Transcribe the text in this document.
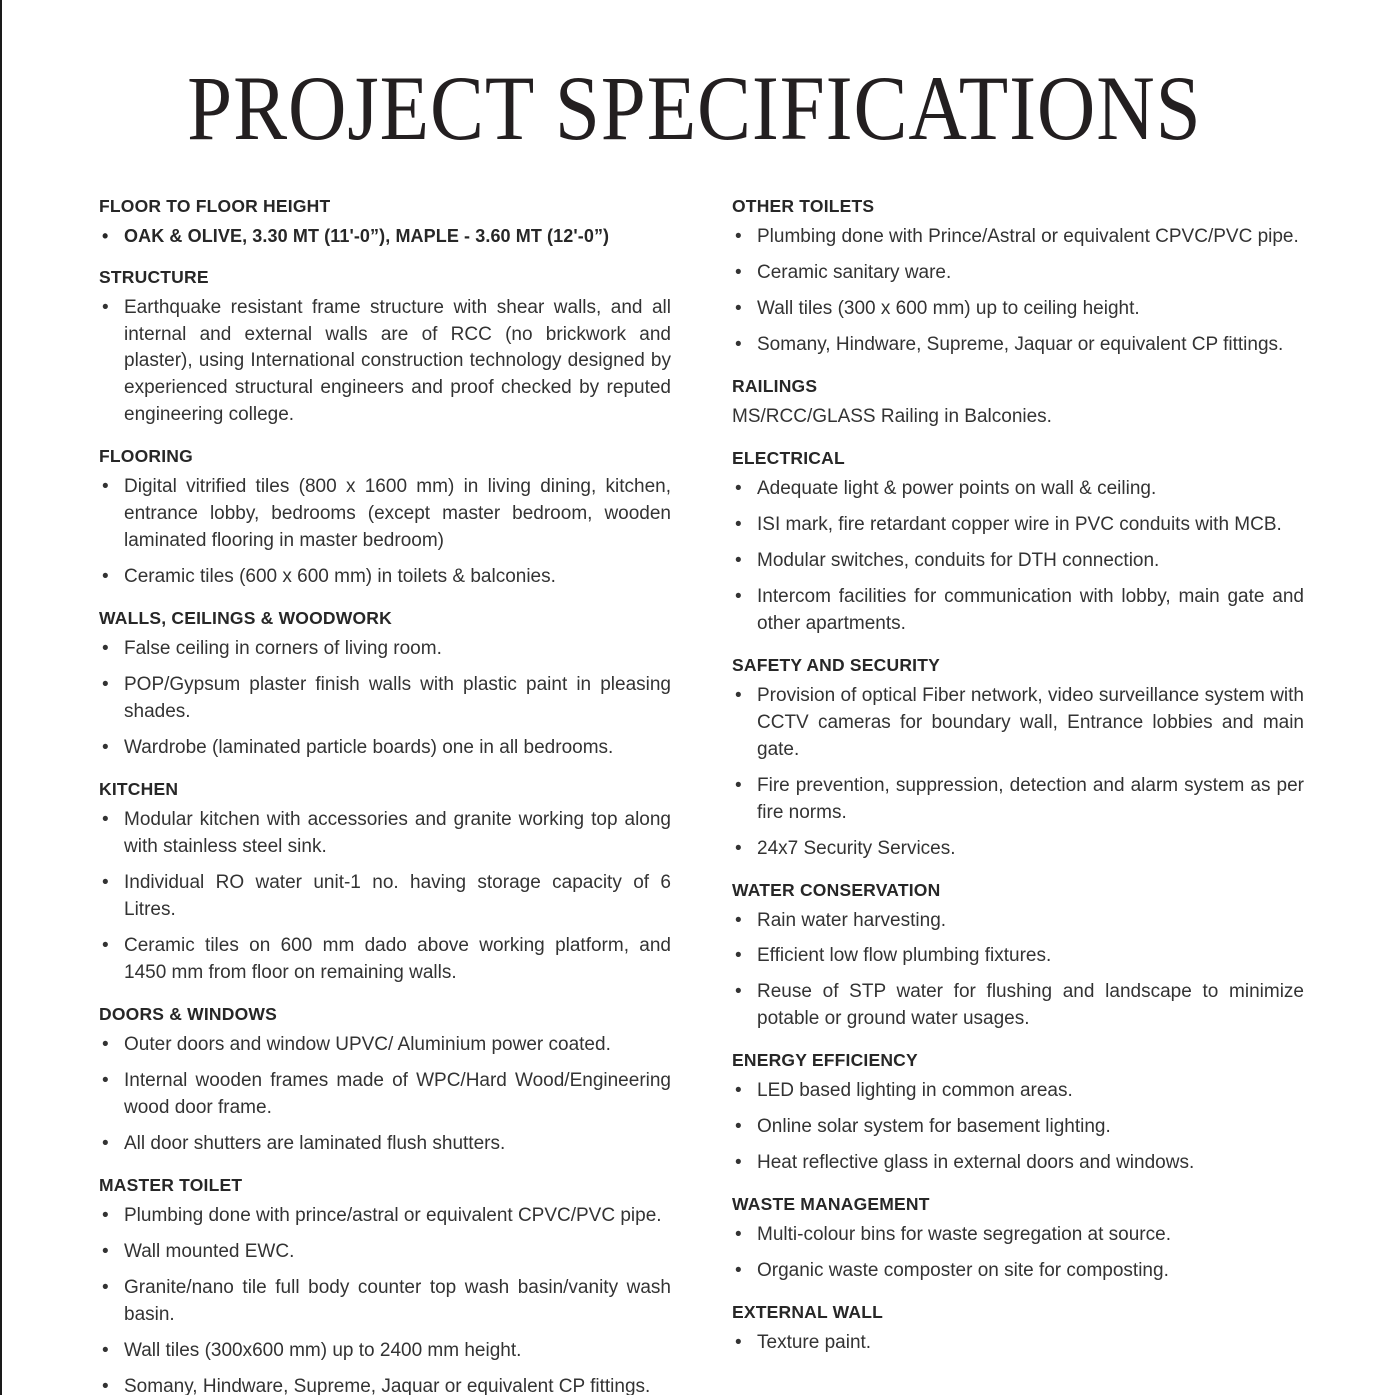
PROJECT SPECIFICATIONS
FLOOR TO FLOOR HEIGHT
• OAK & OLIVE, 3.30 MT (11'-0”), MAPLE - 3.60 MT (12'-0”)
STRUCTURE
• Earthquake resistant frame structure with shear walls, and all internal and external walls are of RCC (no brickwork and plaster), using International construction technology designed by experienced structural engineers and proof checked by reputed engineering college.
FLOORING
• Digital vitrified tiles (800 x 1600 mm) in living dining, kitchen, entrance lobby, bedrooms (except master bedroom, wooden laminated flooring in master bedroom)
• Ceramic tiles (600 x 600 mm) in toilets & balconies.
WALLS, CEILINGS & WOODWORK
• False ceiling in corners of living room.
• POP/Gypsum plaster finish walls with plastic paint in pleasing shades.
• Wardrobe (laminated particle boards) one in all bedrooms.
KITCHEN
• Modular kitchen with accessories and granite working top along with stainless steel sink.
• Individual RO water unit-1 no. having storage capacity of 6 Litres.
• Ceramic tiles on 600 mm dado above working platform, and 1450 mm from floor on remaining walls.
DOORS & WINDOWS
• Outer doors and window UPVC/ Aluminium power coated.
• Internal wooden frames made of WPC/Hard Wood/Engineering wood door frame.
• All door shutters are laminated flush shutters.
MASTER TOILET
• Plumbing done with prince/astral or equivalent CPVC/PVC pipe.
• Wall mounted EWC.
• Granite/nano tile full body counter top wash basin/vanity wash basin.
• Wall tiles (300x600 mm) up to 2400 mm height.
• Somany, Hindware, Supreme, Jaquar or equivalent CP fittings.
OTHER TOILETS
• Plumbing done with Prince/Astral or equivalent CPVC/PVC pipe.
• Ceramic sanitary ware.
• Wall tiles (300 x 600 mm) up to ceiling height.
• Somany, Hindware, Supreme, Jaquar or equivalent CP fittings.
RAILINGS

MS/RCC/GLASS Railing in Balconies.

ELECTRICAL
• Adequate light & power points on wall & ceiling.
• ISI mark, fire retardant copper wire in PVC conduits with MCB.
• Modular switches, conduits for DTH connection.
• Intercom facilities for communication with lobby, main gate and other apartments.
SAFETY AND SECURITY
• Provision of optical Fiber network, video surveillance system with CCTV cameras for boundary wall, Entrance lobbies and main gate.
• Fire prevention, suppression, detection and alarm system as per fire norms.
• 24x7 Security Services.
WATER CONSERVATION
• Rain water harvesting.
• Efficient low flow plumbing fixtures.
• Reuse of STP water for flushing and landscape to minimize potable or ground water usages.
ENERGY EFFICIENCY
• LED based lighting in common areas.
• Online solar system for basement lighting.
• Heat reflective glass in external doors and windows.
WASTE MANAGEMENT
• Multi-colour bins for waste segregation at source.
• Organic waste composter on site for composting.
EXTERNAL WALL
• Texture paint.
